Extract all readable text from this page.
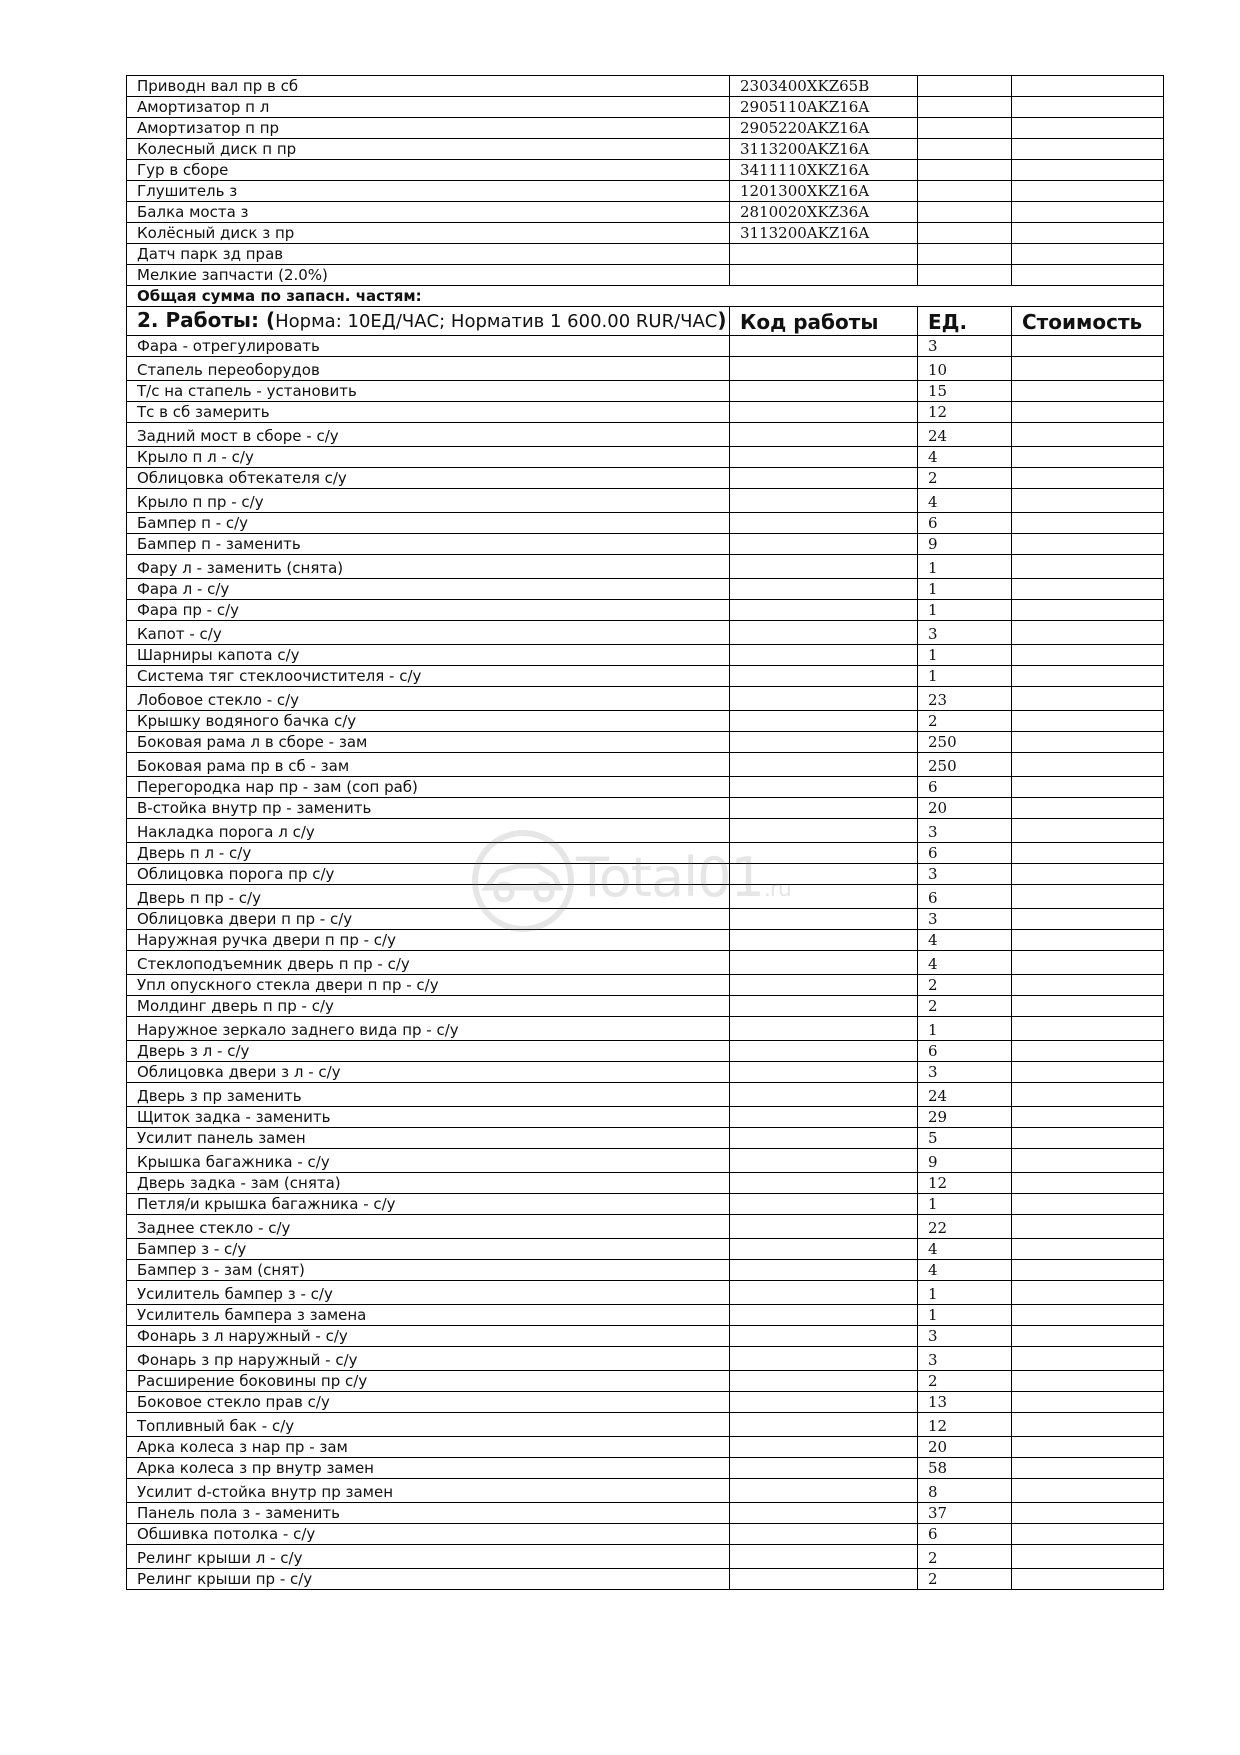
Приводн вал пр в сб	2303400XKZ65B		
Амортизатор п л	2905110AKZ16A		
Амортизатор п пр	2905220AKZ16A		
Колесный диск п пр	3113200AKZ16A		
Гур в сборе	3411110XKZ16A		
Глушитель з	1201300XKZ16A		
Балка моста з	2810020XKZ36A		
Колёсный диск з пр	3113200AKZ16A		
Датч парк зд прав			
Мелкие запчасти (2.0%)			
Общая сумма по запасн. частям:			
2. Работы: (Норма: 10ЕД/ЧАС; Норматив 1 600.00 RUR/ЧАС)	Код работы	ЕД.	Стоимость
Фара - отрегулировать		3	
Стапель переоборудов		10	
Т/с на стапель - установить		15	
Тс в сб замерить		12	
Задний мост в сборе - с/у		24	
Крыло п л - с/у		4	
Облицовка обтекателя с/у		2	
Крыло п пр - с/у		4	
Бампер п - с/у		6	
Бампер п - заменить		9	
Фару л - заменить (снята)		1	
Фара л - с/у		1	
Фара пр - с/у		1	
Капот - с/у		3	
Шарниры капота с/у		1	
Система тяг стеклоочистителя - с/у		1	
Лобовое стекло - с/у		23	
Крышку водяного бачка с/у		2	
Боковая рама л в сборе - зам		250	
Боковая рама пр в сб - зам		250	
Перегородка нар пр - зам (соп раб)		6	
В-стойка внутр пр - заменить		20	
Накладка порога л с/у		3	
Дверь п л - с/у		6	
Облицовка порога пр с/у		3	
Дверь п пр - с/у		6	
Облицовка двери п пр - с/у		3	
Наружная ручка двери п пр - с/у		4	
Стеклоподъемник дверь п пр - с/у		4	
Упл опускного стекла двери п пр - с/у		2	
Молдинг дверь п пр - с/у		2	
Наружное зеркало заднего вида пр - с/у		1	
Дверь з л - с/у		6	
Облицовка двери з л - с/у		3	
Дверь з пр заменить		24	
Щиток задка - заменить		29	
Усилит панель замен		5	
Крышка багажника - с/у		9	
Дверь задка - зам (снята)		12	
Петля/и крышка багажника - с/у		1	
Заднее стекло - с/у		22	
Бампер з - с/у		4	
Бампер з - зам (снят)		4	
Усилитель бампер з - с/у		1	
Усилитель бампера з замена		1	
Фонарь з л наружный - с/у		3	
Фонарь з пр наружный - с/у		3	
Расширение боковины пр с/у		2	
Боковое стекло прав с/у		13	
Топливный бак - с/у		12	
Арка колеса з нар пр - зам		20	
Арка колеса з пр внутр замен		58	
Усилит d-стойка внутр пр замен		8	
Панель пола з - заменить		37	
Обшивка потолка - с/у		6	
Релинг крыши л - с/у		2	
Релинг крыши пр - с/у		2	
Total01.ru
